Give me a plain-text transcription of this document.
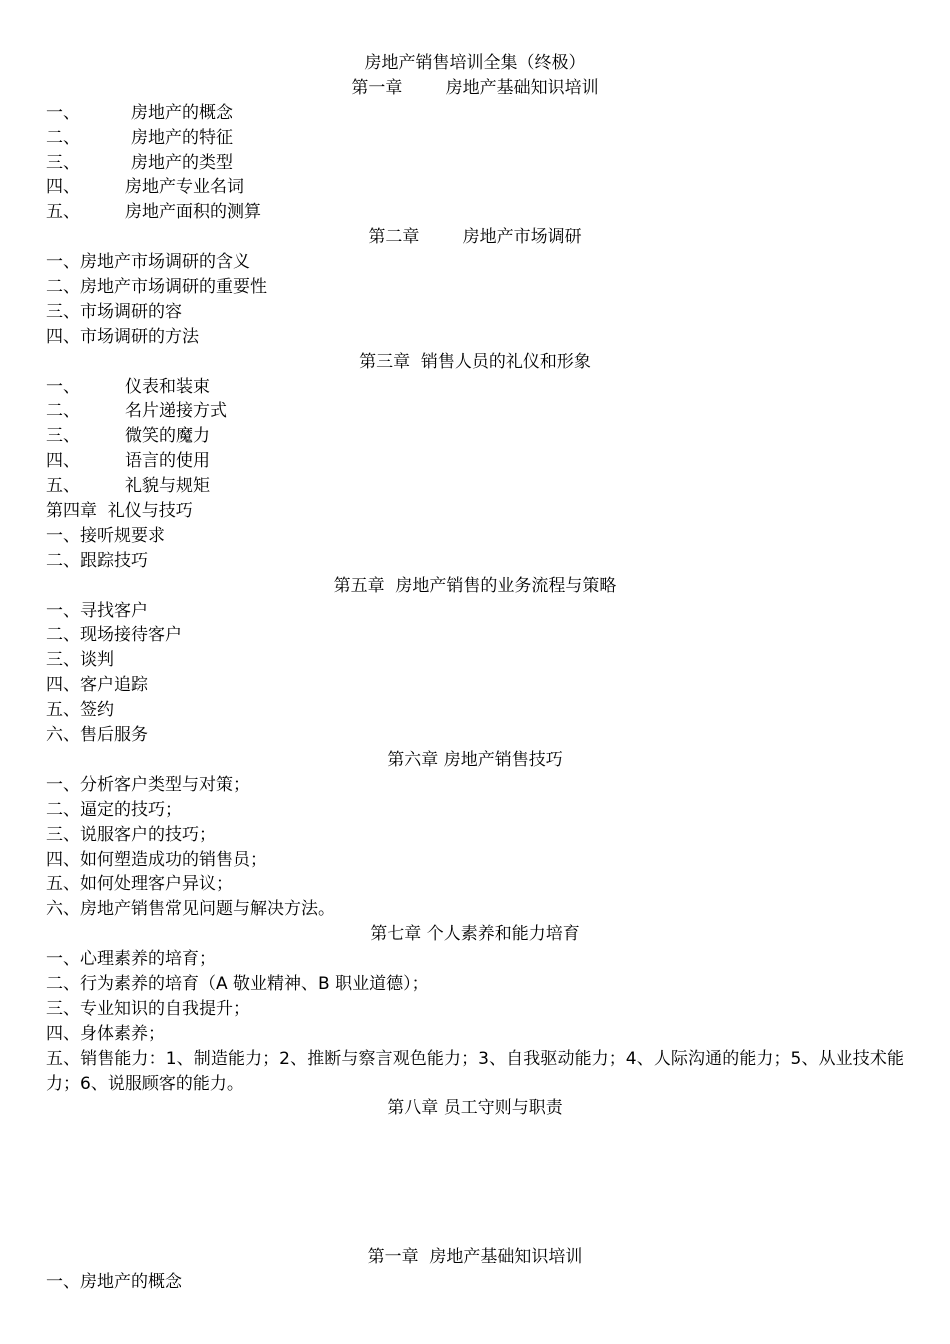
房地产销售培训全集（终极）
第一章        房地产基础知识培训
一、	房地产的概念
二、	房地产的特征
三、	房地产的类型
四、	房地产专业名词
五、	房地产面积的测算
第二章        房地产市场调研
一、房地产市场调研的含义
二、房地产市场调研的重要性
三、市场调研的容
四、市场调研的方法
第三章  销售人员的礼仪和形象
一、	仪表和装束
二、	名片递接方式
三、	微笑的魔力
四、	语言的使用
五、	礼貌与规矩
第四章  礼仪与技巧
一、接听规要求
二、跟踪技巧
第五章  房地产销售的业务流程与策略
一、寻找客户
二、现场接待客户
三、谈判
四、客户追踪
五、签约
六、售后服务
第六章 房地产销售技巧
一、分析客户类型与对策；
二、逼定的技巧；
三、说服客户的技巧；
四、如何塑造成功的销售员；
五、如何处理客户异议；
六、房地产销售常见问题与解决方法。
第七章 个人素养和能力培育
一、心理素养的培育；
二、行为素养的培育（A 敬业精神、B 职业道德）；
三、专业知识的自我提升；
四、身体素养；
五、销售能力：1、制造能力；2、推断与察言观色能力；3、自我驱动能力；4、人际沟通的能力；5、从业技术能力；6、说服顾客的能力。
第八章 员工守则与职责
第一章  房地产基础知识培训
一、房地产的概念
